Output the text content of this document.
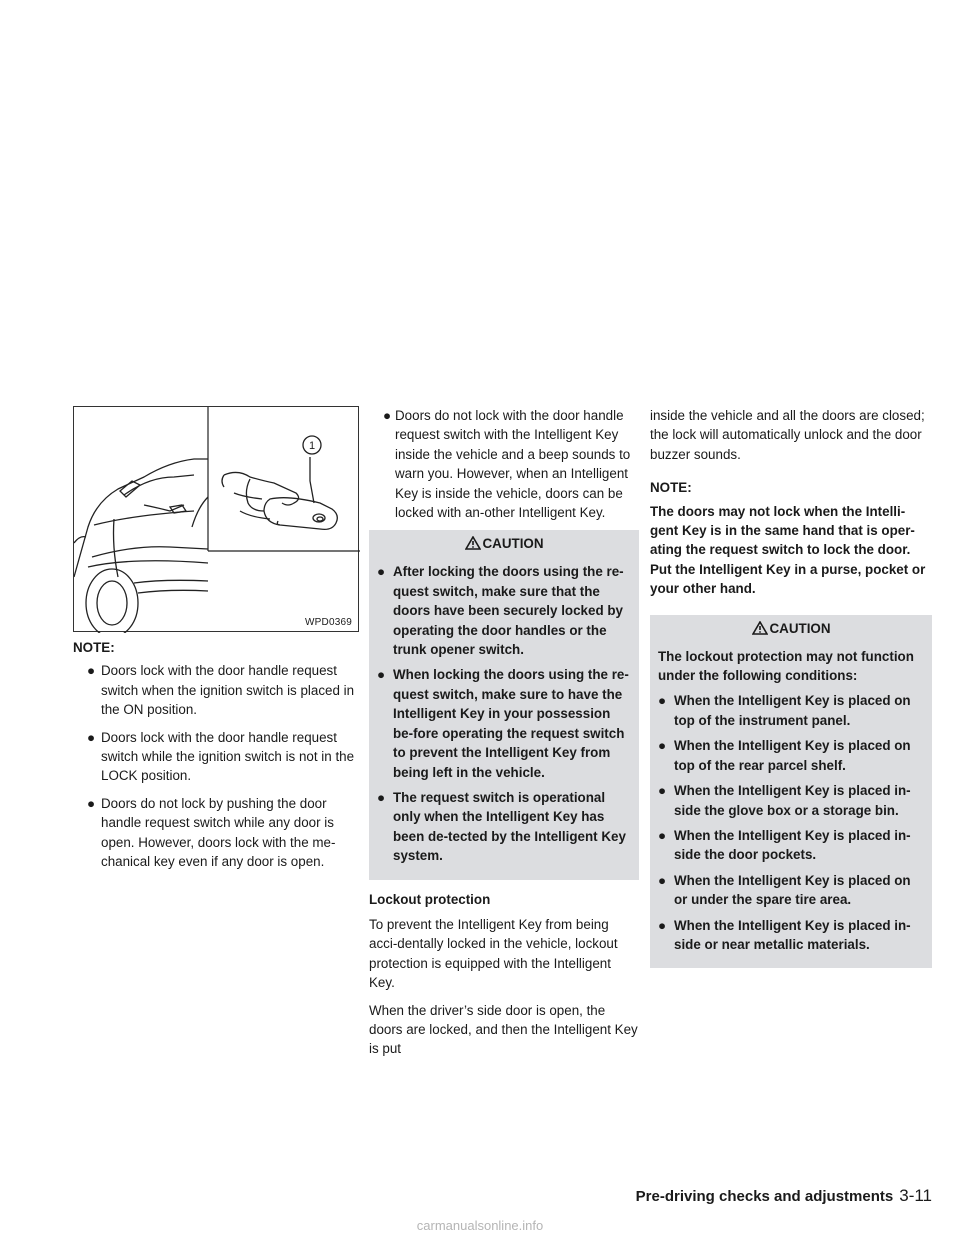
1
WPD0369
NOTE:
● Doors lock with the door handle request switch when the ignition switch is placed in the ON position.
● Doors lock with the door handle request switch while the ignition switch is not in the LOCK position.
● Doors do not lock by pushing the door handle request switch while any door is open. However, doors lock with the me-chanical key even if any door is open.
● Doors do not lock with the door handle request switch with the Intelligent Key inside the vehicle and a beep sounds to warn you. However, when an Intelligent Key is inside the vehicle, doors can be locked with an-other Intelligent Key.
CAUTION
● After locking the doors using the re-quest switch, make sure that the doors have been securely locked by operating the door handles or the trunk opener switch.
● When locking the doors using the re-quest switch, make sure to have the Intelligent Key in your possession be-fore operating the request switch to prevent the Intelligent Key from being left in the vehicle.
● The request switch is operational only when the Intelligent Key has been de-tected by the Intelligent Key system.
Lockout protection

To prevent the Intelligent Key from being acci-dentally locked in the vehicle, lockout protection is equipped with the Intelligent Key.

When the driver’s side door is open, the doors are locked, and then the Intelligent Key is put

inside the vehicle and all the doors are closed; the lock will automatically unlock and the door buzzer sounds.

NOTE:

The doors may not lock when the Intelli-gent Key is in the same hand that is oper-ating the request switch to lock the door. Put the Intelligent Key in a purse, pocket or your other hand.

CAUTION
The lockout protection may not function under the following conditions:
● When the Intelligent Key is placed on top of the instrument panel.
● When the Intelligent Key is placed on top of the rear parcel shelf.
● When the Intelligent Key is placed in-side the glove box or a storage bin.
● When the Intelligent Key is placed in-side the door pockets.
● When the Intelligent Key is placed on or under the spare tire area.
● When the Intelligent Key is placed in-side or near metallic materials.
Pre-driving checks and adjustments 3-11
carmanualsonline.info
